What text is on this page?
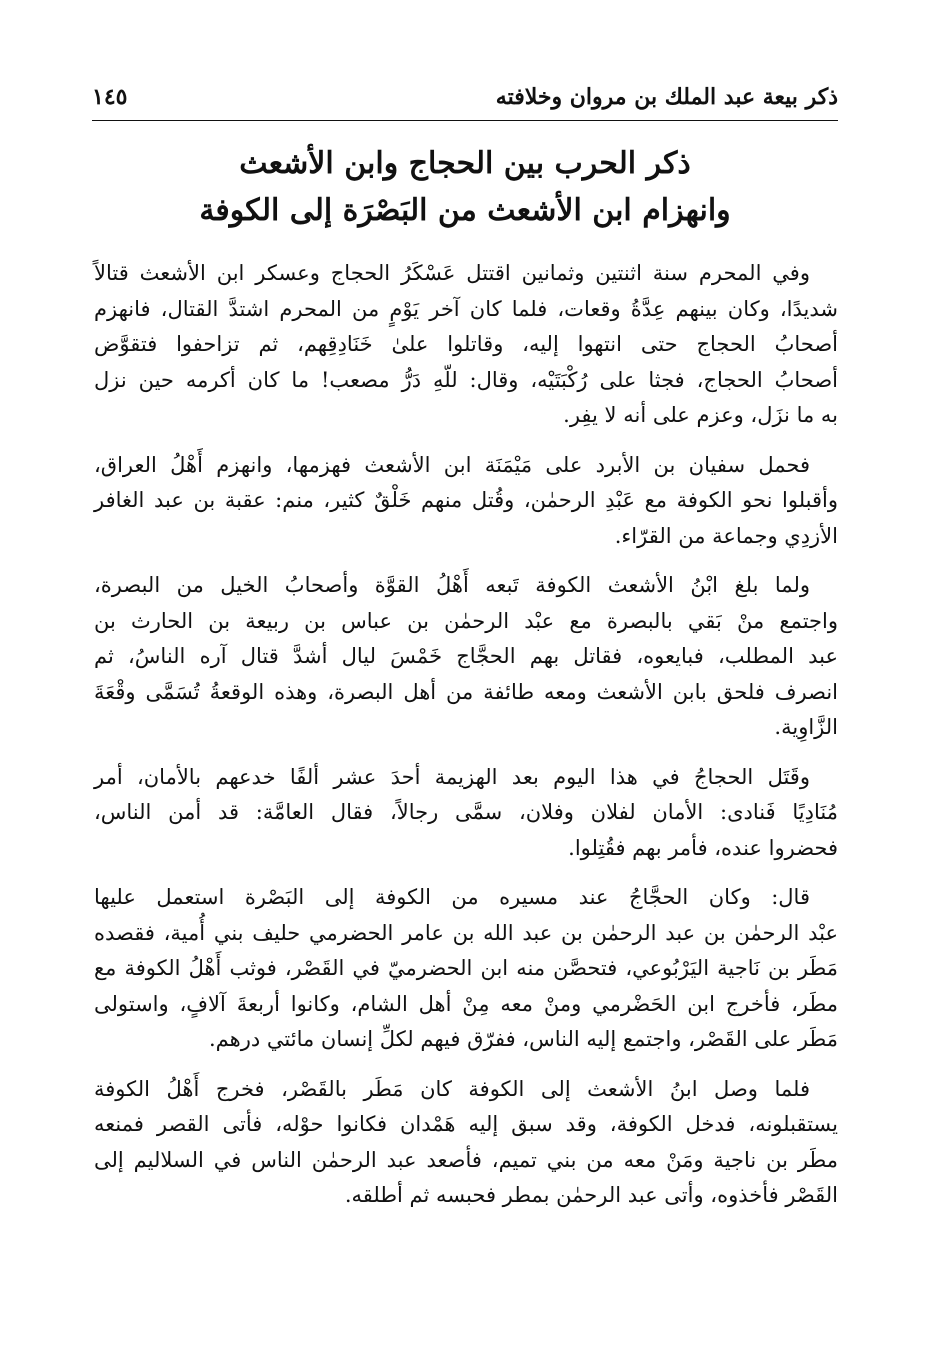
ذكر بيعة عبد الملك بن مروان وخلافته
١٤٥
ذكر الحرب بين الحجاج وابن الأشعث
وانهزام ابن الأشعث من البَصْرَة إلى الكوفة
وفي المحرم سنة اثنتين وثمانين اقتتل عَسْكَرُ الحجاج وعسكر ابن الأشعث قتالاً
شديدًا، وكان بينهم عِدَّةُ وقعات، فلما كان آخر يَوْمٍ من المحرم اشتدَّ القتال، فانهزم
أصحابُ الحجاج حتى انتهوا إليه، وقاتلوا علىٰ خَنَادِقِهم، ثم تزاحفوا فتقوَّض
أصحابُ الحجاج، فجثا على رُكْبَتَيْه، وقال: للّهِ دَرُّ مصعب! ما كان أكرمه حين نزل
به ما نزَل، وعزم على أنه لا يفِر.
فحمل سفيان بن الأبرد على مَيْمَنَة ابن الأشعث فهزمها، وانهزم أَهْلُ العراق،
وأقبلوا نحو الكوفة مع عَبْدِ الرحمٰن، وقُتل منهم خَلْقٌ كثير، منم: عقبة بن عبد الغافر
الأزدِي وجماعة من القرّاء.
ولما بلغ ابْنُ الأشعث الكوفة تَبعه أَهْلُ القوَّة وأصحابُ الخيل من البصرة،
واجتمع منْ بَقي بالبصرة مع عبْد الرحمٰن بن عباس بن ربيعة بن الحارث بن
عبد المطلب، فبايعوه، فقاتل بهم الحجَّاج خَمْسَ ليال أشدَّ قتال آره الناسُ، ثم
انصرف فلحق بابن الأشعث ومعه طائفة من أهل البصرة، وهذه الوقعةُ تُسَمَّى وقْعَةَ
الزَّاوِية.
وقَتَل الحجاجُ في هذا اليوم بعد الهزيمة أحدَ عشر ألفًا خدعهم بالأمان، أمر
مُنَادِيًا فَنادى: الأمان لفلان وفلان، سمَّى رجالاً، فقال العامَّة: قد أمن الناس،
فحضروا عنده، فأمر بهم فقُتِلوا.
قال: وكان الحجَّاجُ عند مسيره من الكوفة إلى البَصْرة استعمل عليها
عبْد الرحمٰن بن عبد الرحمٰن بن عبد الله بن عامر الحضرمي حليف بني أُمية، فقصده
مَطَر بن نَاجية اليَرْبُوعي، فتحصَّن منه ابن الحضرميّ في القَصْر، فوثب أَهْلُ الكوفة مع
مطَر، فأخرج ابن الحَضْرمي ومنْ معه مِنْ أهل الشام، وكانوا أربعةَ آلافٍ، واستولى
مَطَر على القَصْر، واجتمع إليه الناس، ففرّق فيهم لكلِّ إنسان مائتي درهم.
فلما وصل ابنُ الأشعث إلى الكوفة كان مَطَر بالقَصْر، فخرج أَهْلُ الكوفة
يستقبلونه، فدخل الكوفة، وقد سبق إليه هَمْدان فكانوا حوْله، فأتى القصر فمنعه
مطَر بن ناجية ومَنْ معه من بني تميم، فأصعد عبد الرحمٰن الناس في السلاليم إلى
القَصْر فأخذوه، وأتى عبد الرحمٰن بمطر فحبسه ثم أطلقه.
